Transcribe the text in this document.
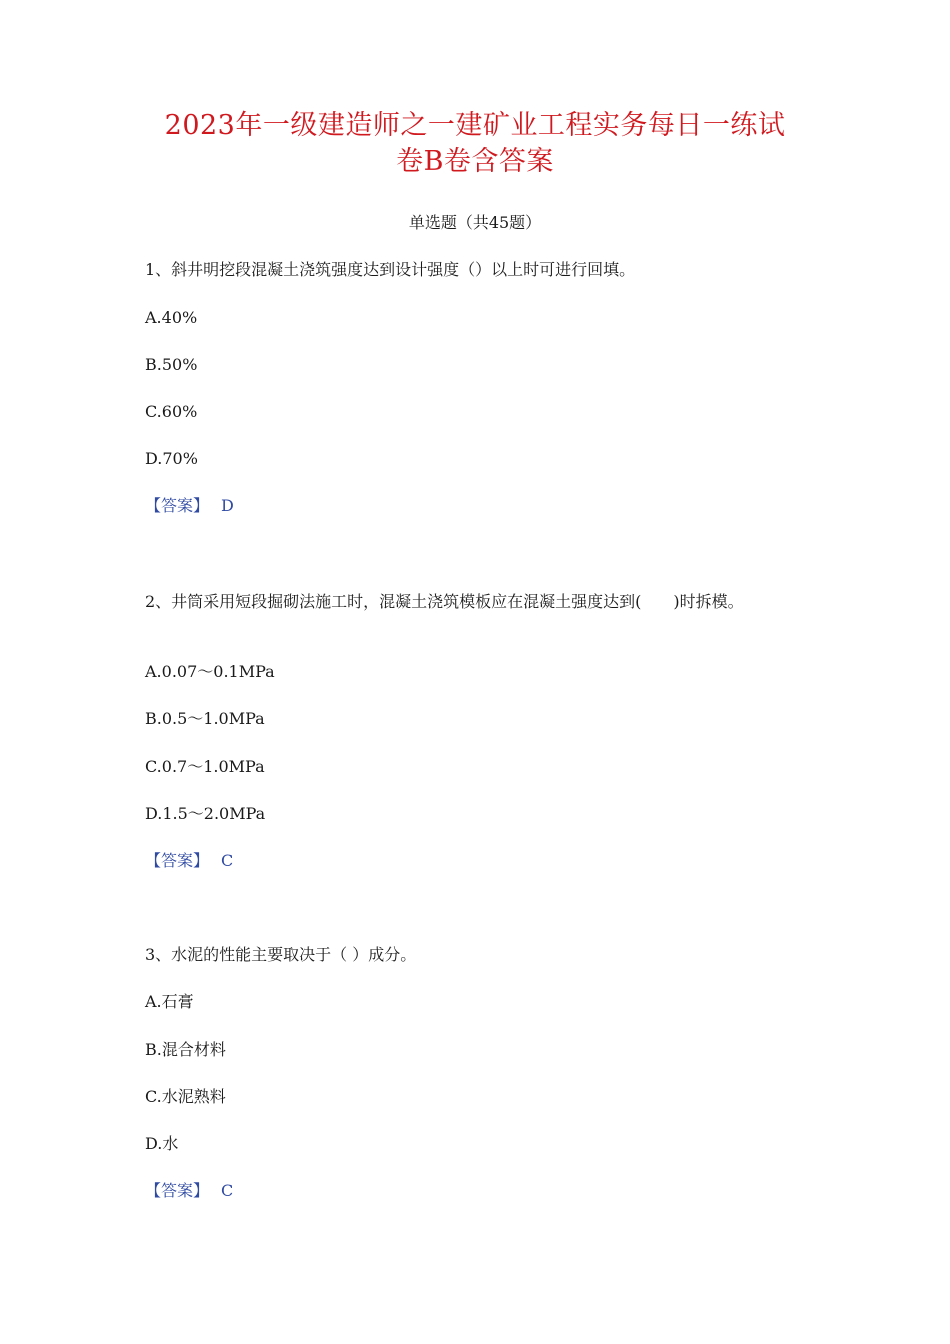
2023年一级建造师之一建矿业工程实务每日一练试
卷B卷含答案
单选题（共45题）
1、斜井明挖段混凝土浇筑强度达到设计强度（）以上时可进行回填。
A.40%
B.50%
C.60%
D.70%
【答案】 D
2、井筒采用短段掘砌法施工时，混凝土浇筑模板应在混凝土强度达到(　　)时拆模。
A.0.07～0.1MPa
B.0.5～1.0MPa
C.0.7～1.0MPa
D.1.5～2.0MPa
【答案】 C
3、水泥的性能主要取决于（ ）成分。
A.石膏
B.混合材料
C.水泥熟料
D.水
【答案】 C
